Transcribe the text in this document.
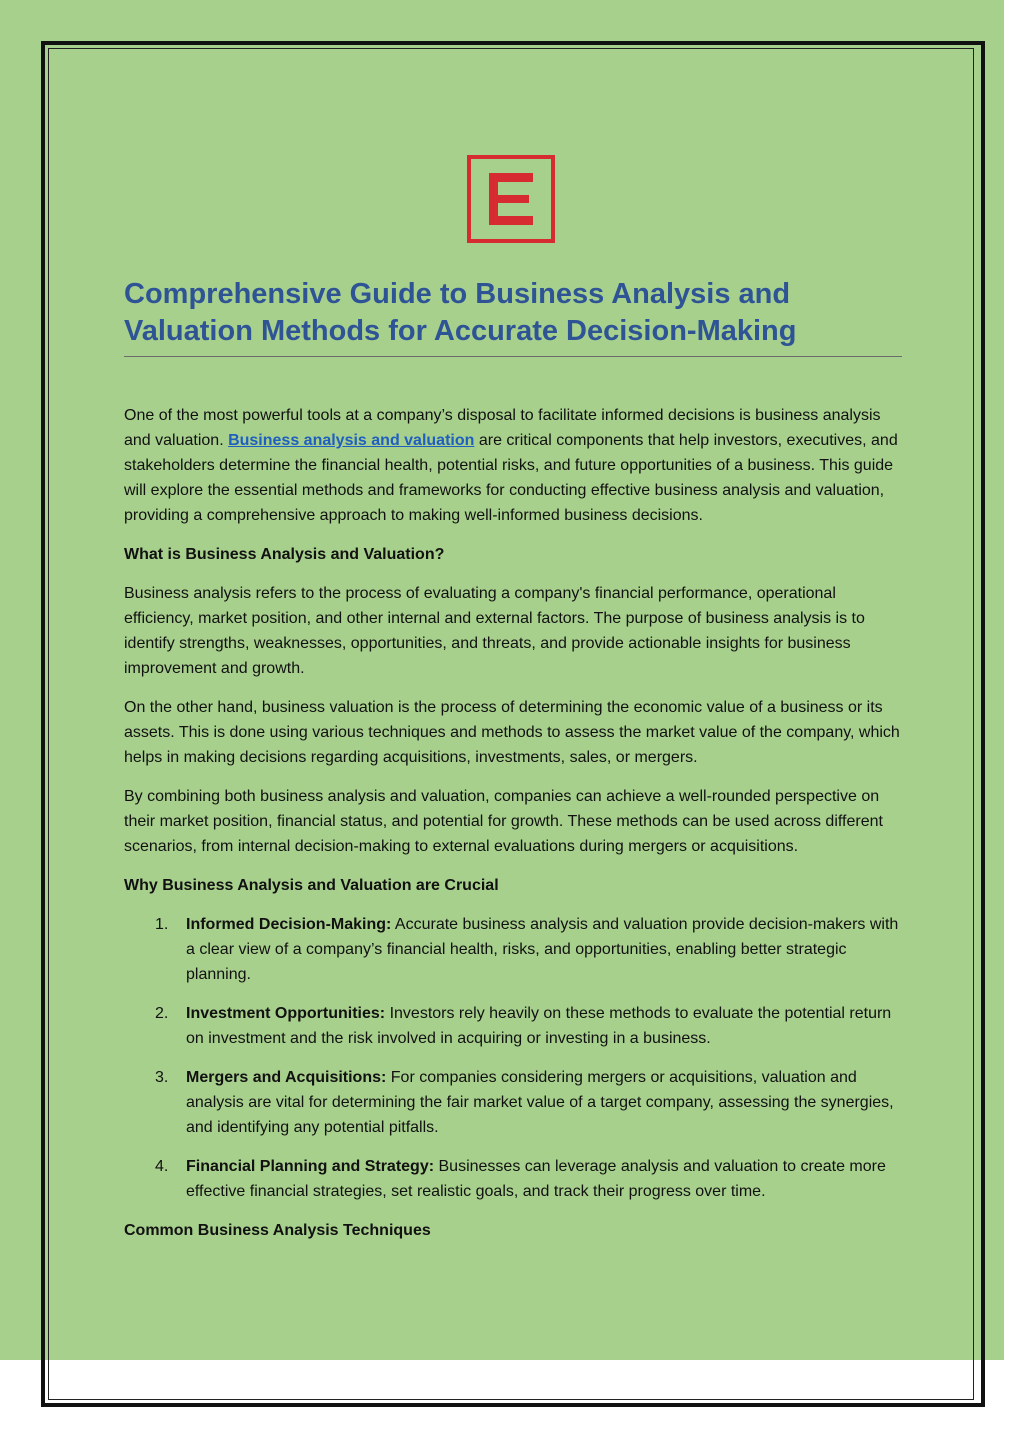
Comprehensive Guide to Business Analysis and Valuation Methods for Accurate Decision-Making

One of the most powerful tools at a company’s disposal to facilitate informed decisions is business analysis and valuation. Business analysis and valuation are critical components that help investors, executives, and stakeholders determine the financial health, potential risks, and future opportunities of a business. This guide will explore the essential methods and frameworks for conducting effective business analysis and valuation, providing a comprehensive approach to making well-informed business decisions.

What is Business Analysis and Valuation?

Business analysis refers to the process of evaluating a company's financial performance, operational efficiency, market position, and other internal and external factors. The purpose of business analysis is to identify strengths, weaknesses, opportunities, and threats, and provide actionable insights for business improvement and growth.

On the other hand, business valuation is the process of determining the economic value of a business or its assets. This is done using various techniques and methods to assess the market value of the company, which helps in making decisions regarding acquisitions, investments, sales, or mergers.

By combining both business analysis and valuation, companies can achieve a well-rounded perspective on their market position, financial status, and potential for growth. These methods can be used across different scenarios, from internal decision-making to external evaluations during mergers or acquisitions.

Why Business Analysis and Valuation are Crucial

1. Informed Decision-Making: Accurate business analysis and valuation provide decision-makers with a clear view of a company’s financial health, risks, and opportunities, enabling better strategic planning.
2. Investment Opportunities: Investors rely heavily on these methods to evaluate the potential return on investment and the risk involved in acquiring or investing in a business.
3. Mergers and Acquisitions: For companies considering mergers or acquisitions, valuation and analysis are vital for determining the fair market value of a target company, assessing the synergies, and identifying any potential pitfalls.
4. Financial Planning and Strategy: Businesses can leverage analysis and valuation to create more effective financial strategies, set realistic goals, and track their progress over time.

Common Business Analysis Techniques
